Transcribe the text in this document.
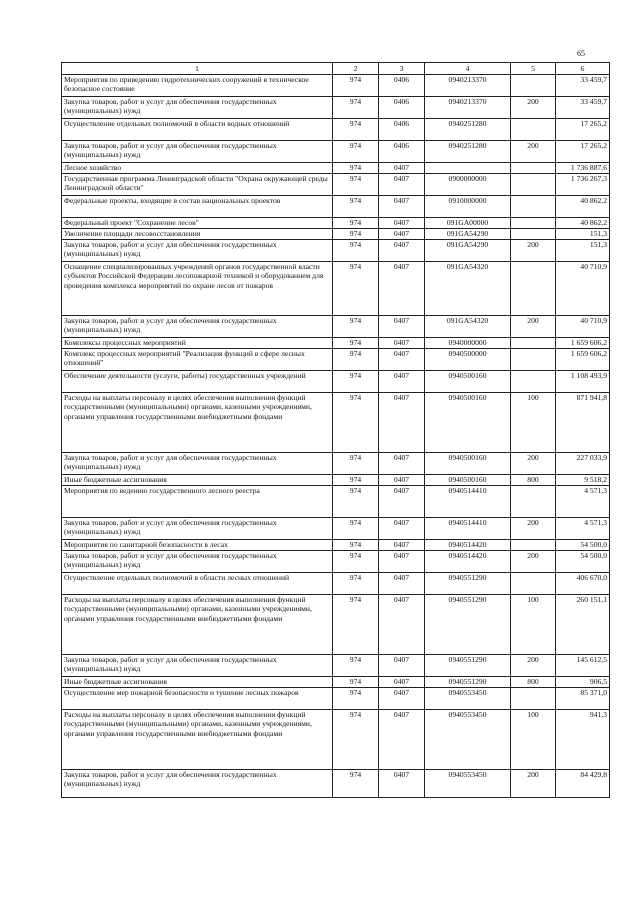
65
1	2	3	4	5	6
Мероприятия по приведению гидротехнических сооружений в техническое безопасное состояние	974	0406	0940213370		33 459,7
Закупка товаров, работ и услуг для обеспечения государственных (муниципальных) нужд	974	0406	0940213370	200	33 459,7
Осуществление отдельных полномочий в области водных отношений	974	0406	0940251280		17 265,2
Закупка товаров, работ и услуг для обеспечения государственных (муниципальных) нужд	974	0406	0940251280	200	17 265,2
Лесное хозяйство	974	0407			1 736 887,6
Государственная программа Ленинградской области "Охрана окружающей среды Ленинградской области"	974	0407	0900000000		1 736 267,3
Федеральные проекты, входящие в состав национальных проектов	974	0407	0910000000		40 862,2
Федеральный проект "Сохранение лесов"	974	0407	091GA00000		40 862,2
Увеличение площади лесовосстановления	974	0407	091GA54290		151,3
Закупка товаров, работ и услуг для обеспечения государственных (муниципальных) нужд	974	0407	091GA54290	200	151,3
Оснащение специализированных учреждений органов государственной власти субъектов Российской Федерации лесопожарной техникой и оборудованием для проведения комплекса мероприятий по охране лесов от пожаров	974	0407	091GA54320		40 710,9
Закупка товаров, работ и услуг для обеспечения государственных (муниципальных) нужд	974	0407	091GA54320	200	40 710,9
Комплексы процессных мероприятий	974	0407	0940000000		1 659 606,2
Комплекс процессных мероприятий "Реализация функций в сфере лесных отношений"	974	0407	0940500000		1 659 606,2
Обеспечение деятельности (услуги, работы) государственных учреждений	974	0407	0940500160		1 108 493,9
Расходы на выплаты персоналу в целях обеспечения выполнения функций государственными (муниципальными) органами, казенными учреждениями, органами управления государственными внебюджетными фондами	974	0407	0940500160	100	871 941,8
Закупка товаров, работ и услуг для обеспечения государственных (муниципальных) нужд	974	0407	0940500160	200	227 033,9
Иные бюджетные ассигнования	974	0407	0940500160	800	9 518,2
Мероприятия по ведению государственного лесного реестра	974	0407	0940514410		4 571,3
Закупка товаров, работ и услуг для обеспечения государственных (муниципальных) нужд	974	0407	0940514410	200	4 571,3
Мероприятия по санитарной безопасности в лесах	974	0407	0940514420		54 500,0
Закупка товаров, работ и услуг для обеспечения государственных (муниципальных) нужд	974	0407	0940514420	200	54 500,0
Осуществление отдельных полномочий в области лесных отношений	974	0407	0940551290		406 670,0
Расходы на выплаты персоналу в целях обеспечения выполнения функций государственными (муниципальными) органами, казенными учреждениями, органами управления государственными внебюджетными фондами	974	0407	0940551290	100	260 151,1
Закупка товаров, работ и услуг для обеспечения государственных (муниципальных) нужд	974	0407	0940551290	200	145 612,5
Иные бюджетные ассигнования	974	0407	0940551290	800	906,5
Осуществление мер пожарной безопасности и тушение лесных пожаров	974	0407	0940553450		85 371,0
Расходы на выплаты персоналу в целях обеспечения выполнения функций государственными (муниципальными) органами, казенными учреждениями, органами управления государственными внебюджетными фондами	974	0407	0940553450	100	941,3
Закупка товаров, работ и услуг для обеспечения государственных (муниципальных) нужд	974	0407	0940553450	200	84 429,8
